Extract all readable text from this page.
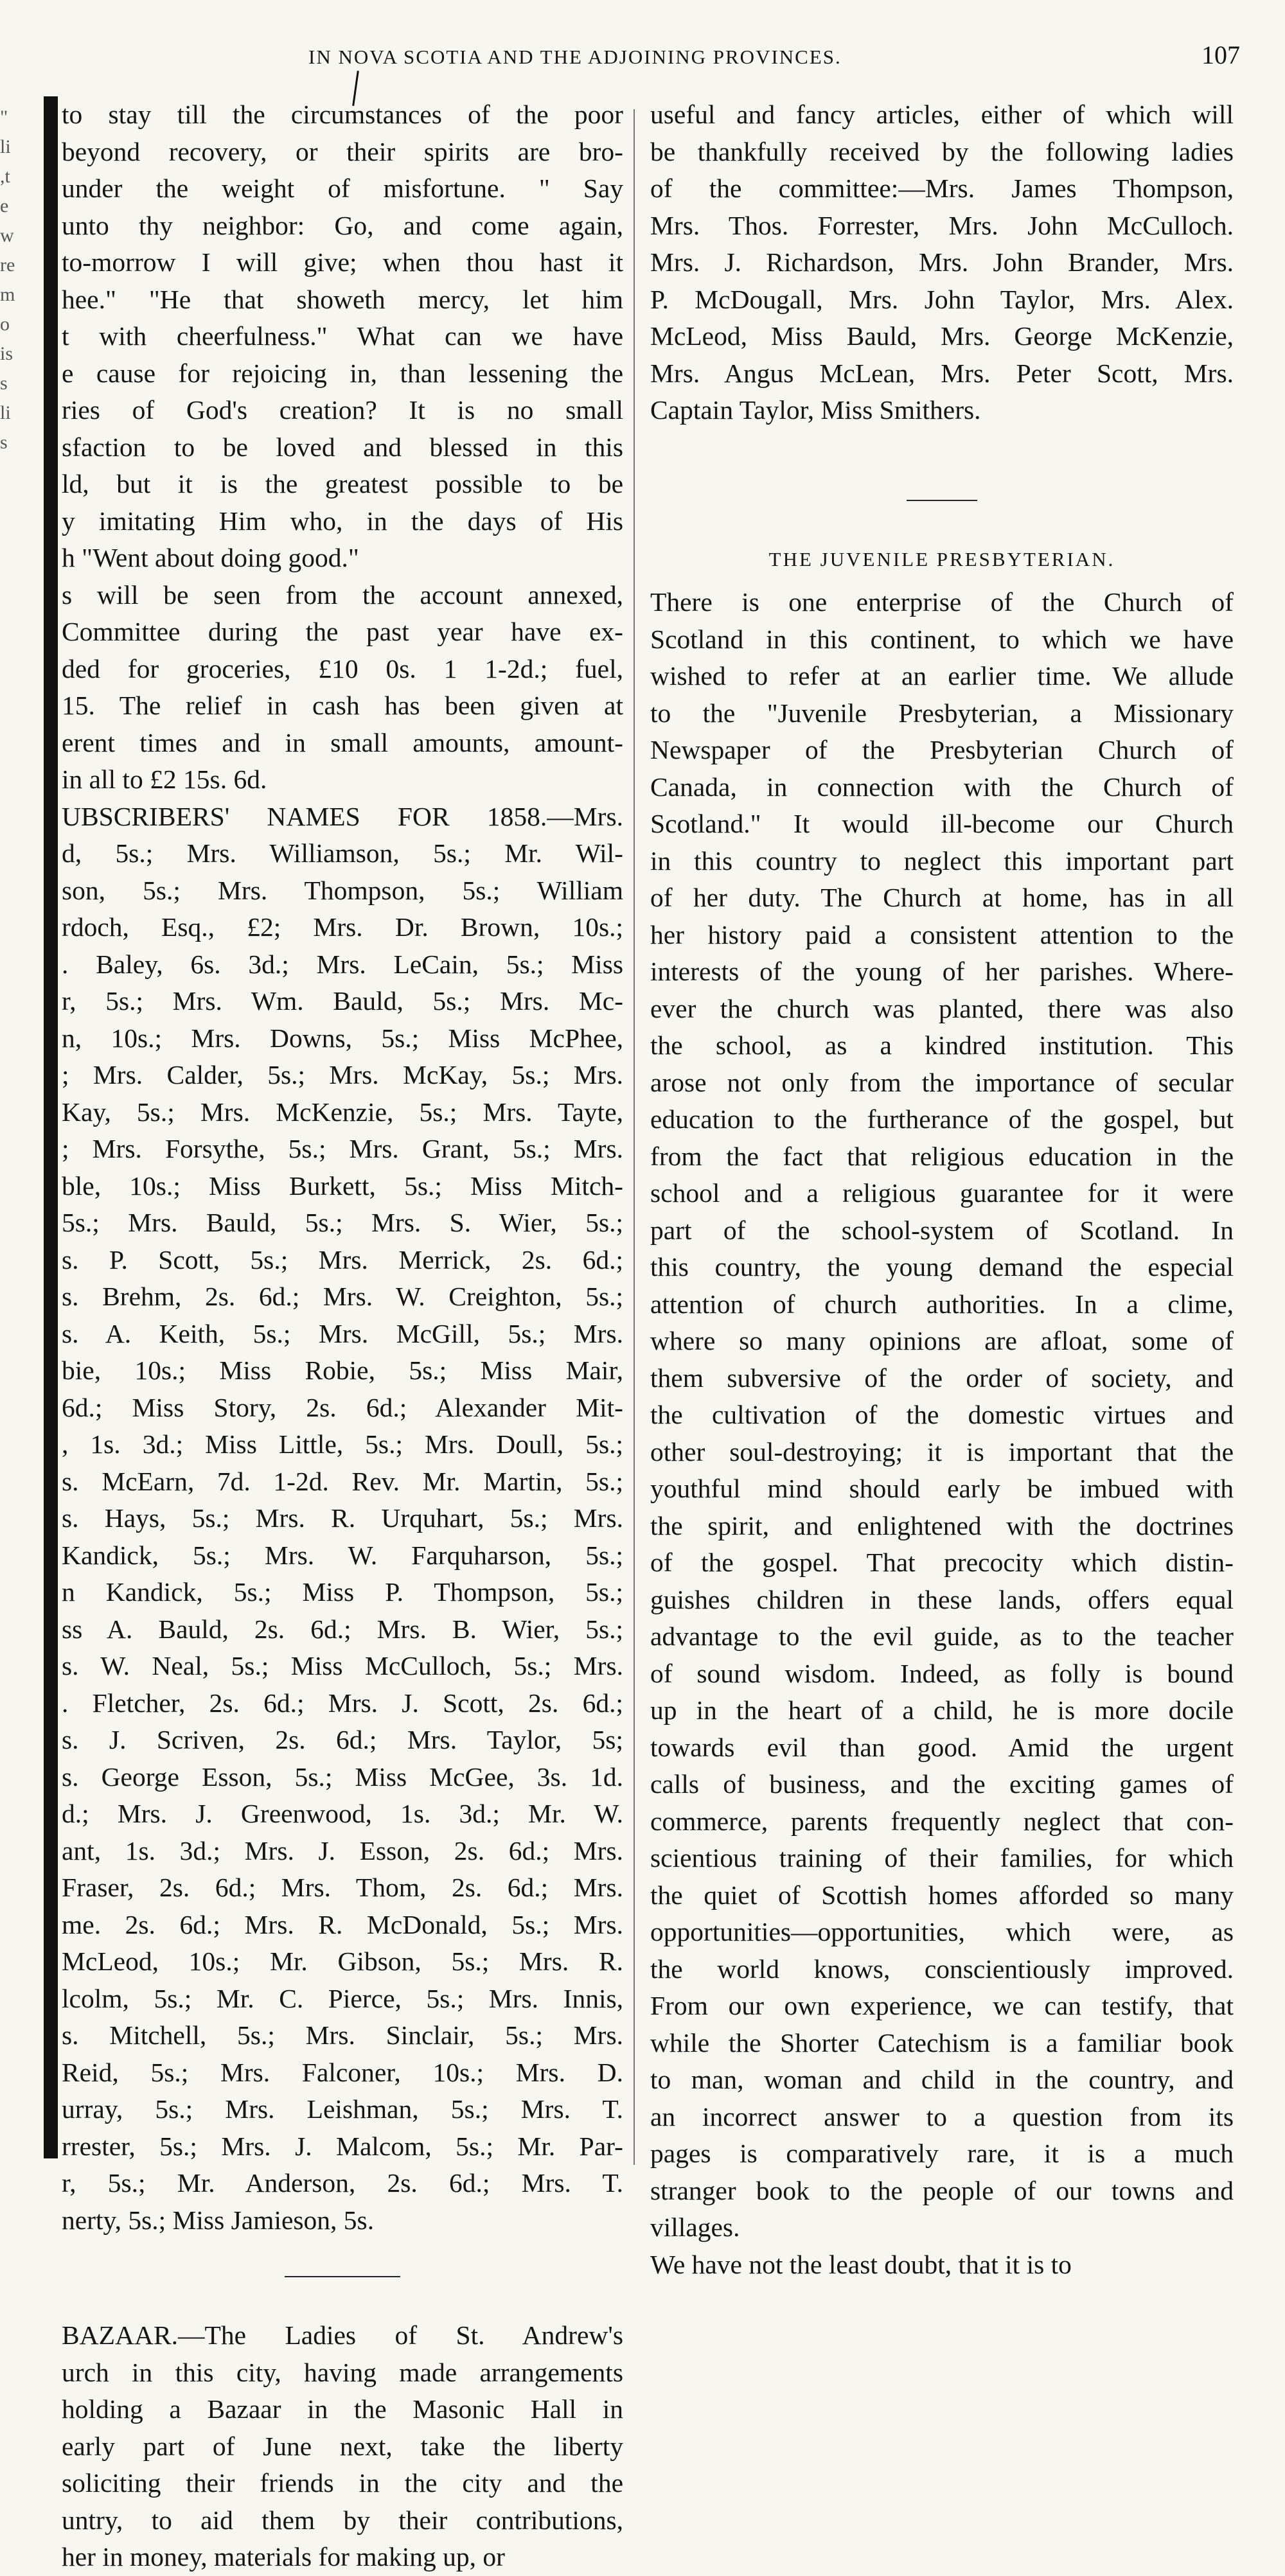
"
li
,t
e
w
re
m
o
is
s
li
s
IN NOVA SCOTIA AND THE ADJOINING PROVINCES.	107
to stay till the circumstances of the poor
beyond recovery, or their spirits are bro-
under the weight of misfortune. " Say
unto thy neighbor: Go, and come again,
to-morrow I will give; when thou hast it
hee." "He that showeth mercy, let him
t with cheerfulness." What can we have
e cause for rejoicing in, than lessening the
ries of God's creation? It is no small
sfaction to be loved and blessed in this
ld, but it is the greatest possible to be
y imitating Him who, in the days of His
h "Went about doing good."
s will be seen from the account annexed,
Committee during the past year have ex-
ded for groceries, £10 0s. 1 1-2d.; fuel,
15. The relief in cash has been given at
erent times and in small amounts, amount-
in all to £2 15s. 6d.
UBSCRIBERS' NAMES FOR 1858.—Mrs.
d, 5s.; Mrs. Williamson, 5s.; Mr. Wil-
son, 5s.; Mrs. Thompson, 5s.; William
rdoch, Esq., £2; Mrs. Dr. Brown, 10s.;
. Baley, 6s. 3d.; Mrs. LeCain, 5s.; Miss
r, 5s.; Mrs. Wm. Bauld, 5s.; Mrs. Mc-
n, 10s.; Mrs. Downs, 5s.; Miss McPhee,
; Mrs. Calder, 5s.; Mrs. McKay, 5s.; Mrs.
Kay, 5s.; Mrs. McKenzie, 5s.; Mrs. Tayte,
; Mrs. Forsythe, 5s.; Mrs. Grant, 5s.; Mrs.
ble, 10s.; Miss Burkett, 5s.; Miss Mitch-
5s.; Mrs. Bauld, 5s.; Mrs. S. Wier, 5s.;
s. P. Scott, 5s.; Mrs. Merrick, 2s. 6d.;
s. Brehm, 2s. 6d.; Mrs. W. Creighton, 5s.;
s. A. Keith, 5s.; Mrs. McGill, 5s.; Mrs.
bie, 10s.; Miss Robie, 5s.; Miss Mair,
6d.; Miss Story, 2s. 6d.; Alexander Mit-
, 1s. 3d.; Miss Little, 5s.; Mrs. Doull, 5s.;
s. McEarn, 7d. 1-2d. Rev. Mr. Martin, 5s.;
s. Hays, 5s.; Mrs. R. Urquhart, 5s.; Mrs.
Kandick, 5s.; Mrs. W. Farquharson, 5s.;
n Kandick, 5s.; Miss P. Thompson, 5s.;
ss A. Bauld, 2s. 6d.; Mrs. B. Wier, 5s.;
s. W. Neal, 5s.; Miss McCulloch, 5s.; Mrs.
. Fletcher, 2s. 6d.; Mrs. J. Scott, 2s. 6d.;
s. J. Scriven, 2s. 6d.; Mrs. Taylor, 5s;
s. George Esson, 5s.; Miss McGee, 3s. 1d.
d.; Mrs. J. Greenwood, 1s. 3d.; Mr. W.
ant, 1s. 3d.; Mrs. J. Esson, 2s. 6d.; Mrs.
Fraser, 2s. 6d.; Mrs. Thom, 2s. 6d.; Mrs.
me. 2s. 6d.; Mrs. R. McDonald, 5s.; Mrs.
McLeod, 10s.; Mr. Gibson, 5s.; Mrs. R.
lcolm, 5s.; Mr. C. Pierce, 5s.; Mrs. Innis,
s. Mitchell, 5s.; Mrs. Sinclair, 5s.; Mrs.
Reid, 5s.; Mrs. Falconer, 10s.; Mrs. D.
urray, 5s.; Mrs. Leishman, 5s.; Mrs. T.
rrester, 5s.; Mrs. J. Malcom, 5s.; Mr. Par-
r, 5s.; Mr. Anderson, 2s. 6d.; Mrs. T.
nerty, 5s.; Miss Jamieson, 5s.
BAZAAR.—The Ladies of St. Andrew's
urch in this city, having made arrangements
holding a Bazaar in the Masonic Hall in
early part of June next, take the liberty
soliciting their friends in the city and the
untry, to aid them by their contributions,
her in money, materials for making up, or
useful and fancy articles, either of which will
be thankfully received by the following ladies
of the committee:—Mrs. James Thompson,
Mrs. Thos. Forrester, Mrs. John McCulloch.
Mrs. J. Richardson, Mrs. John Brander, Mrs.
P. McDougall, Mrs. John Taylor, Mrs. Alex.
McLeod, Miss Bauld, Mrs. George McKenzie,
Mrs. Angus McLean, Mrs. Peter Scott, Mrs.
Captain Taylor, Miss Smithers.
THE JUVENILE PRESBYTERIAN.
There is one enterprise of the Church of
Scotland in this continent, to which we have
wished to refer at an earlier time. We allude
to the "Juvenile Presbyterian, a Missionary
Newspaper of the Presbyterian Church of
Canada, in connection with the Church of
Scotland." It would ill-become our Church
in this country to neglect this important part
of her duty. The Church at home, has in all
her history paid a consistent attention to the
interests of the young of her parishes. Where-
ever the church was planted, there was also
the school, as a kindred institution. This
arose not only from the importance of secular
education to the furtherance of the gospel, but
from the fact that religious education in the
school and a religious guarantee for it were
part of the school-system of Scotland. In
this country, the young demand the especial
attention of church authorities. In a clime,
where so many opinions are afloat, some of
them subversive of the order of society, and
the cultivation of the domestic virtues and
other soul-destroying; it is important that the
youthful mind should early be imbued with
the spirit, and enlightened with the doctrines
of the gospel. That precocity which distin-
guishes children in these lands, offers equal
advantage to the evil guide, as to the teacher
of sound wisdom. Indeed, as folly is bound
up in the heart of a child, he is more docile
towards evil than good. Amid the urgent
calls of business, and the exciting games of
commerce, parents frequently neglect that con-
scientious training of their families, for which
the quiet of Scottish homes afforded so many
opportunities—opportunities, which were, as
the world knows, conscientiously improved.
From our own experience, we can testify, that
while the Shorter Catechism is a familiar book
to man, woman and child in the country, and
an incorrect answer to a question from its
pages is comparatively rare, it is a much
stranger book to the people of our towns and
villages.
We have not the least doubt, that it is to
